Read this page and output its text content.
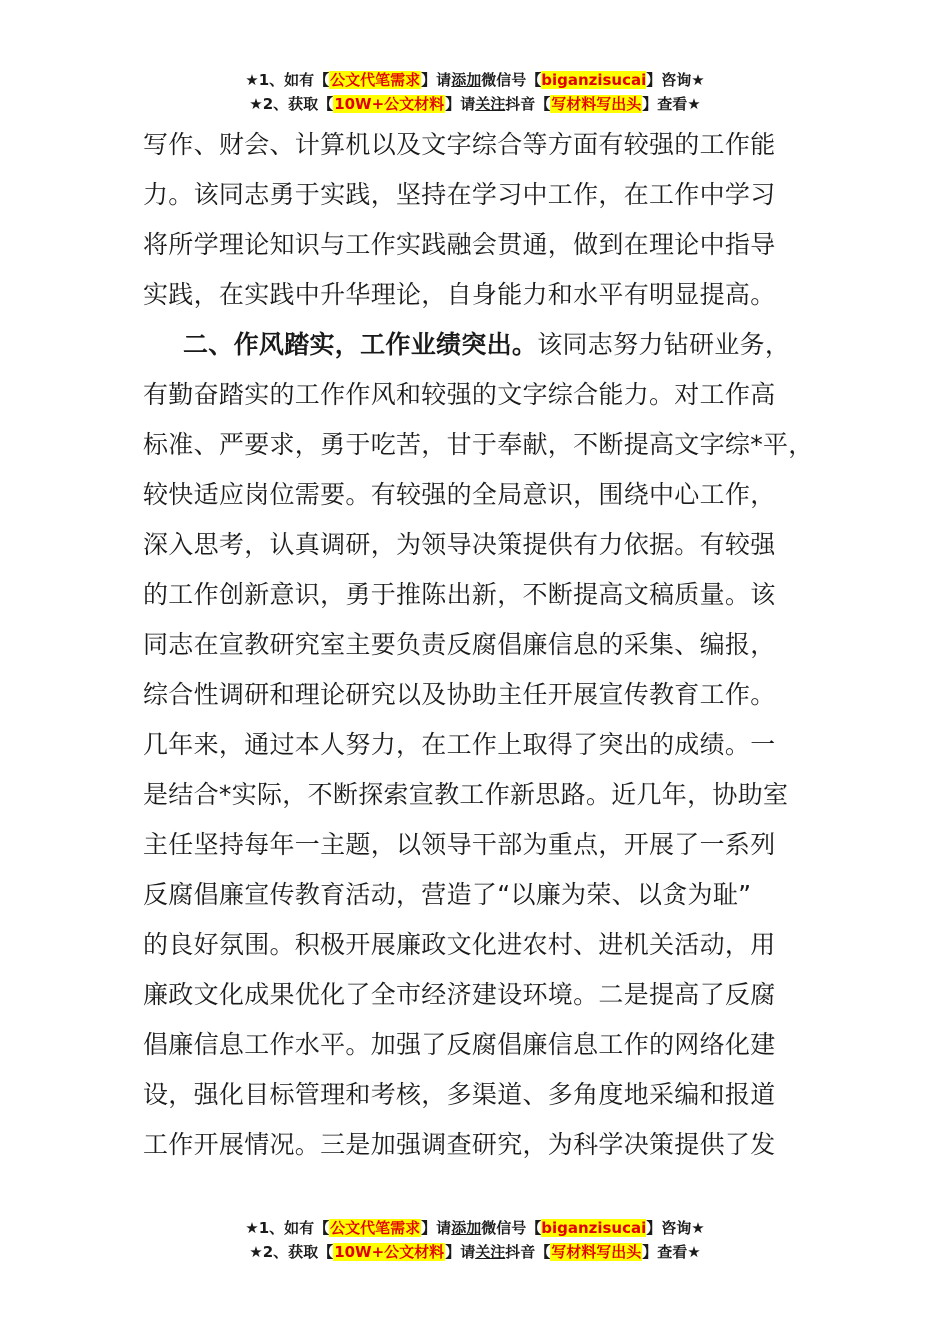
★1、如有【公文代笔需求】请添加微信号【biganzisucai】咨询★
★2、获取【10W+公文材料】请关注抖音【写材料写出头】查看★
写作、财会、计算机以及文字综合等方面有较强的工作能
力。该同志勇于实践，坚持在学习中工作，在工作中学习
将所学理论知识与工作实践融会贯通，做到在理论中指导
实践，在实践中升华理论，自身能力和水平有明显提高。
二、作风踏实，工作业绩突出。该同志努力钻研业务，
有勤奋踏实的工作作风和较强的文字综合能力。对工作高
标准、严要求，勇于吃苦，甘于奉献，不断提高文字综*平，
较快适应岗位需要。有较强的全局意识，围绕中心工作，
深入思考，认真调研，为领导决策提供有力依据。有较强
的工作创新意识，勇于推陈出新，不断提高文稿质量。该
同志在宣教研究室主要负责反腐倡廉信息的采集、编报，
综合性调研和理论研究以及协助主任开展宣传教育工作。
几年来，通过本人努力，在工作上取得了突出的成绩。一
是结合*实际，不断探索宣教工作新思路。近几年，协助室
主任坚持每年一主题，以领导干部为重点，开展了一系列
反腐倡廉宣传教育活动，营造了“以廉为荣、以贪为耻”
的良好氛围。积极开展廉政文化进农村、进机关活动，用
廉政文化成果优化了全市经济建设环境。二是提高了反腐
倡廉信息工作水平。加强了反腐倡廉信息工作的网络化建
设，强化目标管理和考核，多渠道、多角度地采编和报道
工作开展情况。三是加强调查研究，为科学决策提供了发
★1、如有【公文代笔需求】请添加微信号【biganzisucai】咨询★
★2、获取【10W+公文材料】请关注抖音【写材料写出头】查看★
